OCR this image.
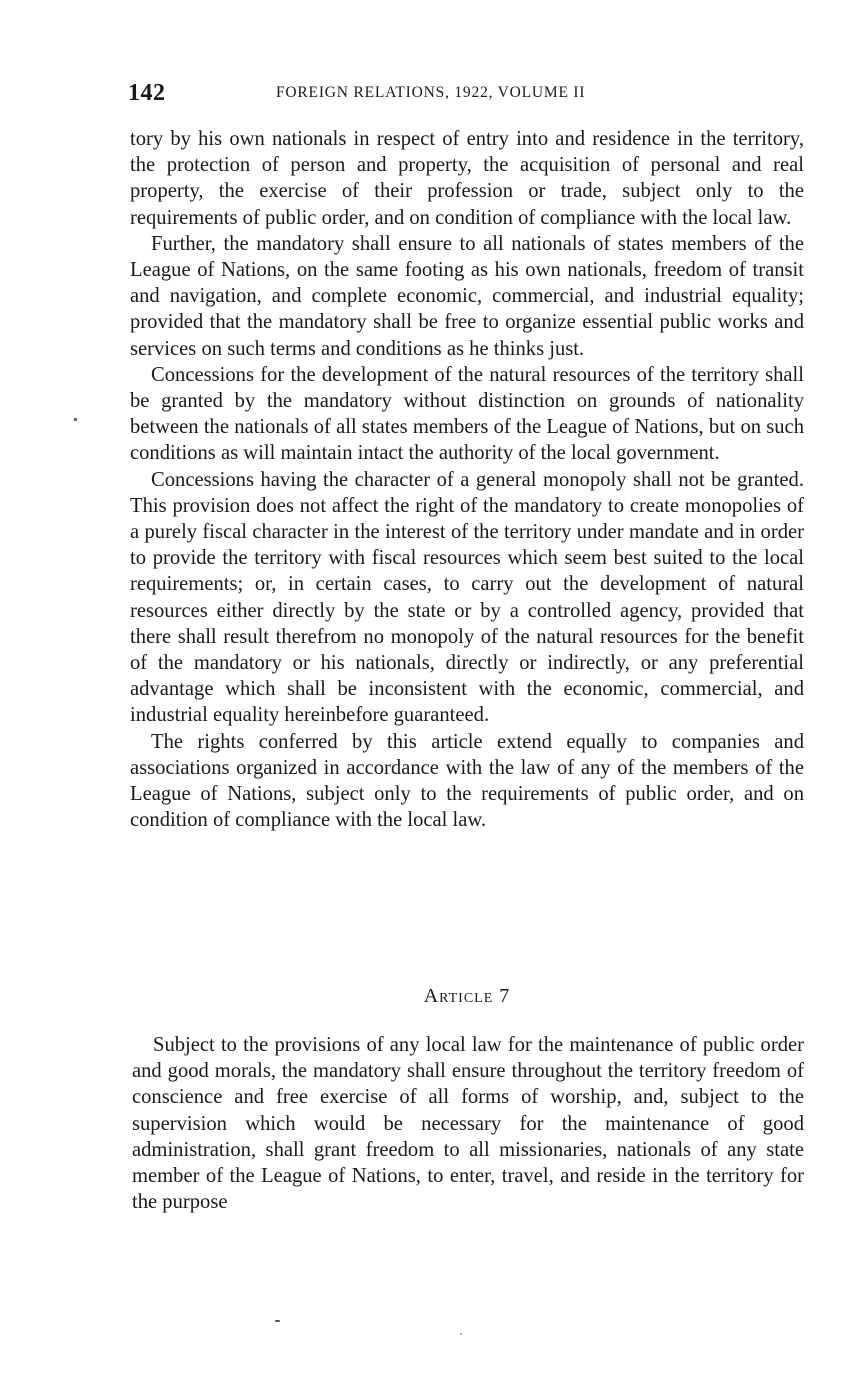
142	FOREIGN RELATIONS, 1922, VOLUME II

tory by his own nationals in respect of entry into and residence in the territory, the protection of person and property, the acquisition of personal and real property, the exercise of their profession or trade, subject only to the requirements of public order, and on condition of compliance with the local law.

Further, the mandatory shall ensure to all nationals of states members of the League of Nations, on the same footing as his own nationals, freedom of transit and navigation, and complete economic, commercial, and industrial equality; provided that the mandatory shall be free to organize essential public works and services on such terms and conditions as he thinks just.

Concessions for the development of the natural resources of the territory shall be granted by the mandatory without distinction on grounds of nationality between the nationals of all states members of the League of Nations, but on such conditions as will maintain intact the authority of the local government.

Concessions having the character of a general monopoly shall not be granted. This provision does not affect the right of the mandatory to create monopolies of a purely fiscal character in the interest of the territory under mandate and in order to provide the territory with fiscal resources which seem best suited to the local requirements; or, in certain cases, to carry out the development of natural resources either directly by the state or by a controlled agency, provided that there shall result therefrom no monopoly of the natural resources for the benefit of the mandatory or his nationals, directly or indirectly, or any preferential advantage which shall be inconsistent with the economic, commercial, and industrial equality hereinbefore guaranteed.

The rights conferred by this article extend equally to companies and associations organized in accordance with the law of any of the members of the League of Nations, subject only to the requirements of public order, and on condition of compliance with the local law.

Article 7

Subject to the provisions of any local law for the maintenance of public order and good morals, the mandatory shall ensure throughout the territory freedom of conscience and free exercise of all forms of worship, and, subject to the supervision which would be necessary for the maintenance of good administration, shall grant freedom to all missionaries, nationals of any state member of the League of Nations, to enter, travel, and reside in the territory for the purpose
